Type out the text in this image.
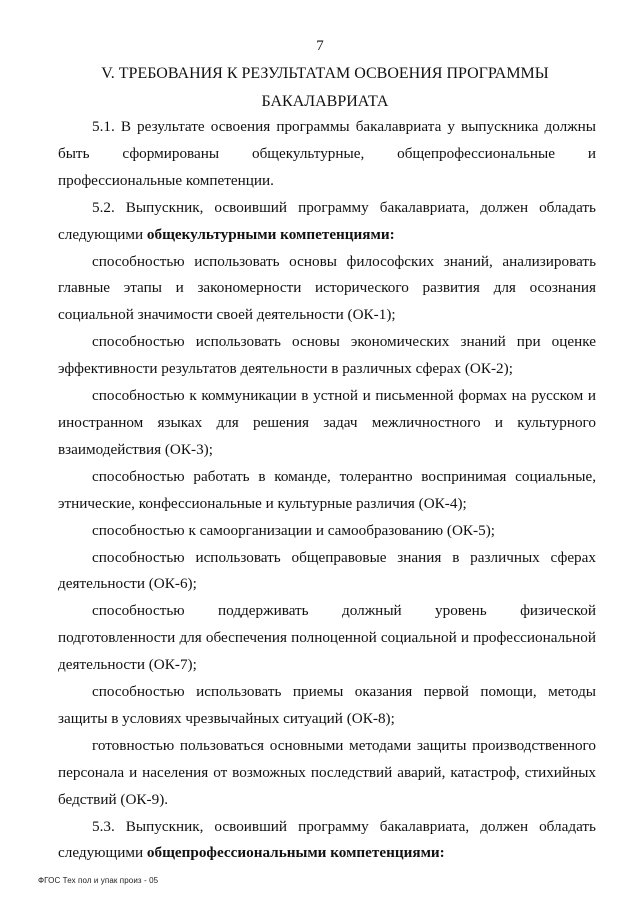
7
V. ТРЕБОВАНИЯ К РЕЗУЛЬТАТАМ ОСВОЕНИЯ ПРОГРАММЫ
БАКАЛАВРИАТА

5.1. В результате освоения программы бакалавриата у выпускника должны быть сформированы общекультурные, общепрофессиональные и профессиональные компетенции.

5.2. Выпускник, освоивший программу бакалавриата, должен обладать следующими общекультурными компетенциями:

способностью использовать основы философских знаний, анализировать главные этапы и закономерности исторического развития для осознания социальной значимости своей деятельности (ОК-1);

способностью использовать основы экономических знаний при оценке эффективности результатов деятельности в различных сферах (ОК-2);

способностью к коммуникации в устной и письменной формах на русском и иностранном языках для решения задач межличностного и культурного взаимодействия (ОК-3);

способностью работать в команде, толерантно воспринимая социальные, этнические, конфессиональные и культурные различия (ОК-4);

способностью к самоорганизации и самообразованию (ОК-5);

способностью использовать общеправовые знания в различных сферах деятельности (ОК-6);

способностью поддерживать должный уровень физической подготовленности для обеспечения полноценной социальной и профессиональной деятельности (ОК-7);

способностью использовать приемы оказания первой помощи, методы защиты в условиях чрезвычайных ситуаций (ОК-8);

готовностью пользоваться основными методами защиты производственного персонала и населения от возможных последствий аварий, катастроф, стихийных бедствий (ОК-9).

5.3. Выпускник, освоивший программу бакалавриата, должен обладать следующими общепрофессиональными компетенциями:

ФГОС Тех пол и упак произ - 05
